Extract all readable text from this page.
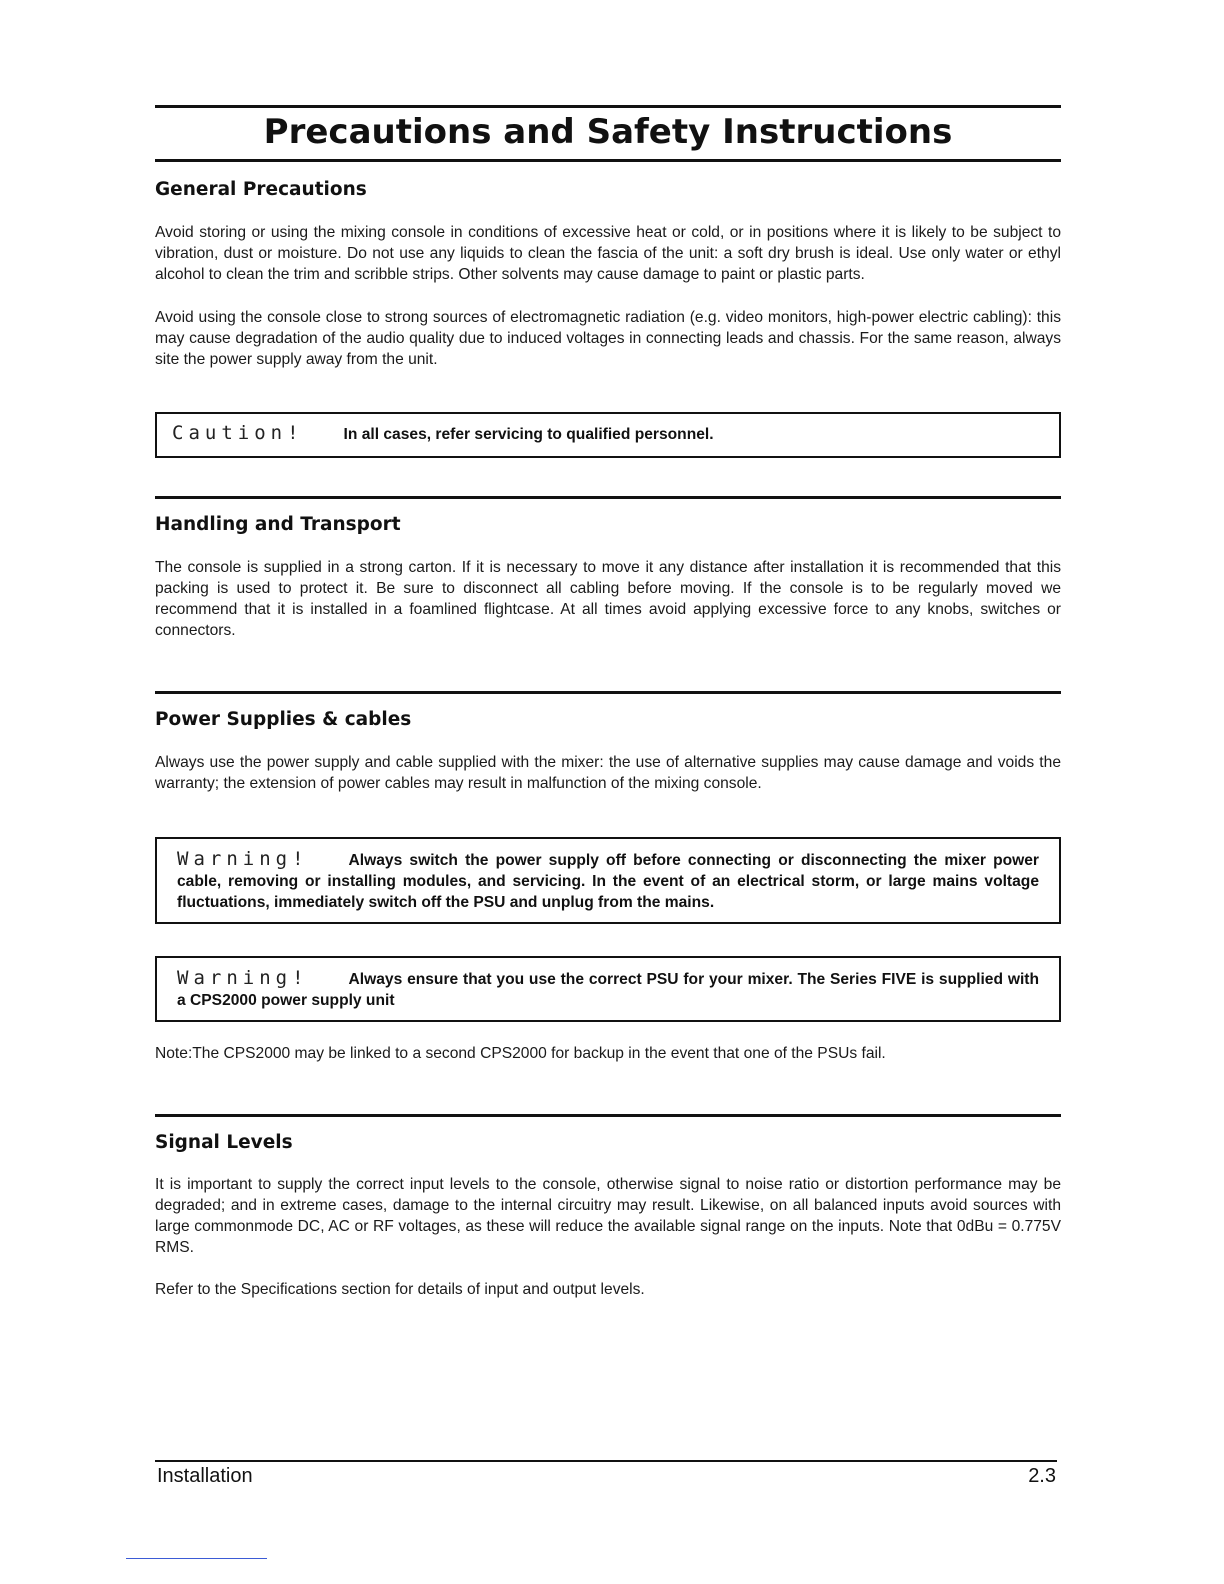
Precautions and Safety Instructions
General Precautions

Avoid storing or using the mixing console in conditions of excessive heat or cold, or in positions where it is likely to be subject to vibration, dust or moisture. Do not use any liquids to clean the fascia of the unit: a soft dry brush is ideal. Use only water or ethyl alcohol to clean the trim and scribble strips. Other solvents may cause damage to paint or plastic parts.

Avoid using the console close to strong sources of electromagnetic radiation (e.g. video monitors, high-power electric cabling): this may cause degradation of the audio quality due to induced voltages in connecting leads and chassis. For the same reason, always site the power supply away from the unit.

Caution!	In all cases, refer servicing to qualified personnel.

Handling and Transport

The console is supplied in a strong carton. If it is necessary to move it any distance after installation it is recommended that this packing is used to protect it. Be sure to disconnect all cabling before moving. If the console is to be regularly moved we recommend that it is installed in a foamlined flightcase. At all times avoid applying excessive force to any knobs, switches or connectors.

Power Supplies & cables

Always use the power supply and cable supplied with the mixer: the use of alternative supplies may cause damage and voids the warranty; the extension of power cables may result in malfunction of the mixing console.

Warning!	Always switch the power supply off before connecting or disconnecting the mixer power cable, removing or installing modules, and servicing. In the event of an electrical storm, or large mains voltage fluctuations, immediately switch off the PSU and unplug from the mains.

Warning!	Always ensure that you use the correct PSU for your mixer. The Series FIVE is supplied with a CPS2000 power supply unit

Note:The CPS2000 may be linked to a second CPS2000 for backup in the event that one of the PSUs fail.

Signal Levels

It is important to supply the correct input levels to the console, otherwise signal to noise ratio or distortion performance may be degraded; and in extreme cases, damage to the internal circuitry may result. Likewise, on all balanced inputs avoid sources with large commonmode DC, AC or RF voltages, as these will reduce the available signal range on the inputs. Note that 0dBu = 0.775V RMS.

Refer to the Specifications section for details of input and output levels.

Installation	2.3
